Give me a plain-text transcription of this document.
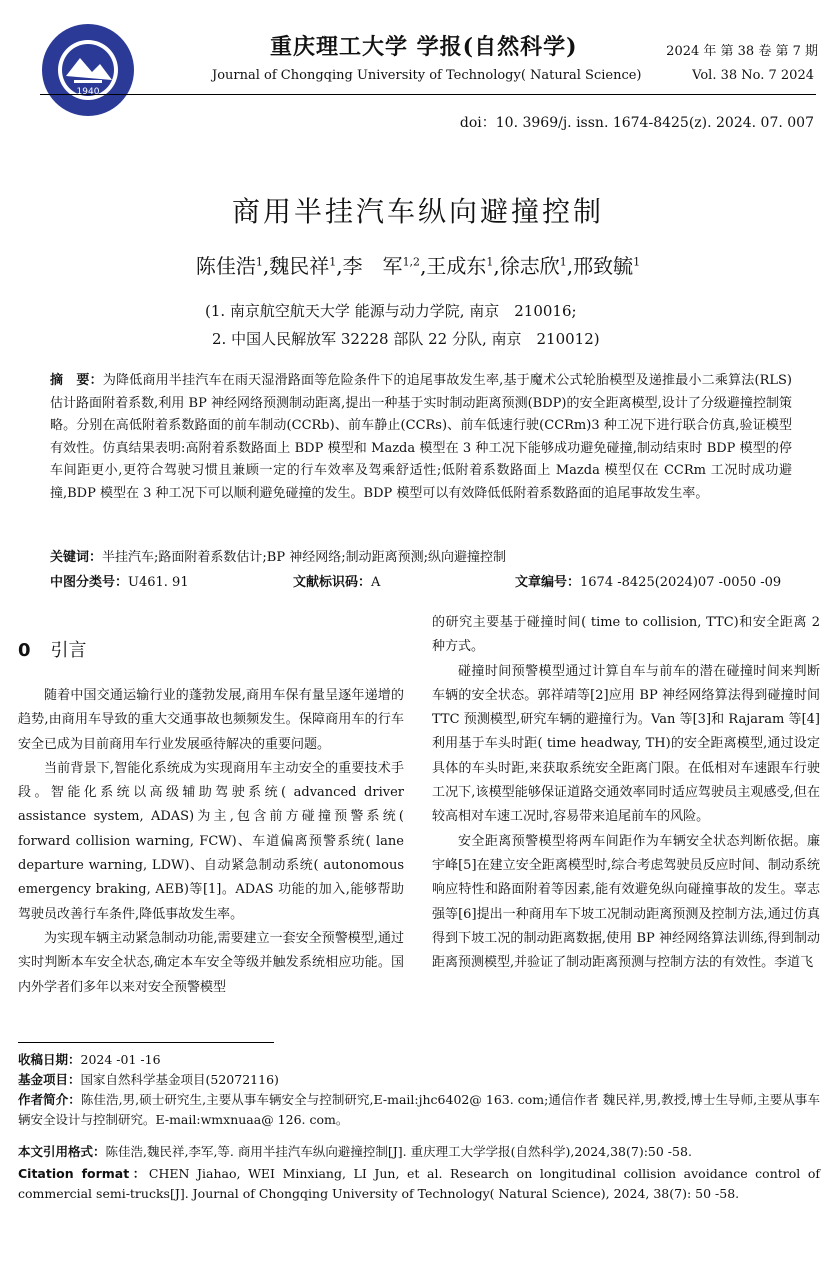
1940
重庆理工大学 学报(自然科学)
Journal of Chongqing University of Technology( Natural Science)
2024 年 第 38 卷 第 7 期
Vol. 38 No. 7 2024
doi：10. 3969/j. issn. 1674-8425(z). 2024. 07. 007
商用半挂汽车纵向避撞控制
陈佳浩$^1$,魏民祥$^1$,李　军$^{1,2}$,王成东$^1$,徐志欣$^1$,邢致毓$^1$
(1. 南京航空航天大学 能源与动力学院, 南京　210016;
2. 中国人民解放军 32228 部队 22 分队, 南京　210012)
摘　要：为降低商用半挂汽车在雨天湿滑路面等危险条件下的追尾事故发生率,基于魔术公式轮胎模型及递推最小二乘算法(RLS)估计路面附着系数,利用 BP 神经网络预测制动距离,提出一种基于实时制动距离预测(BDP)的安全距离模型,设计了分级避撞控制策略。分别在高低附着系数路面的前车制动(CCRb)、前车静止(CCRs)、前车低速行驶(CCRm)3 种工况下进行联合仿真,验证模型有效性。仿真结果表明:高附着系数路面上 BDP 模型和 Mazda 模型在 3 种工况下能够成功避免碰撞,制动结束时 BDP 模型的停车间距更小,更符合驾驶习惯且兼顾一定的行车效率及驾乘舒适性;低附着系数路面上 Mazda 模型仅在 CCRm 工况时成功避撞,BDP 模型在 3 种工况下可以顺利避免碰撞的发生。BDP 模型可以有效降低低附着系数路面的追尾事故发生率。
关键词：半挂汽车;路面附着系数估计;BP 神经网络;制动距离预测;纵向避撞控制
中图分类号：U461. 91	文献标识码：A	文章编号：1674 -8425(2024)07 -0050 -09
0 引言

随着中国交通运输行业的蓬勃发展,商用车保有量呈逐年递增的趋势,由商用车导致的重大交通事故也频频发生。保障商用车的行车安全已成为目前商用车行业发展亟待解决的重要问题。

当前背景下,智能化系统成为实现商用车主动安全的重要技术手段。智能化系统以高级辅助驾驶系统( advanced driver assistance system, ADAS)为主,包含前方碰撞预警系统( forward collision warning, FCW)、车道偏离预警系统( lane departure warning, LDW)、自动紧急制动系统( autonomous emergency braking, AEB)等[1]。ADAS 功能的加入,能够帮助驾驶员改善行车条件,降低事故发生率。

为实现车辆主动紧急制动功能,需要建立一套安全预警模型,通过实时判断本车安全状态,确定本车安全等级并触发系统相应功能。国内外学者们多年以来对安全预警模型

的研究主要基于碰撞时间( time to collision, TTC)和安全距离 2 种方式。

碰撞时间预警模型通过计算自车与前车的潜在碰撞时间来判断车辆的安全状态。郭祥靖等[2]应用 BP 神经网络算法得到碰撞时间 TTC 预测模型,研究车辆的避撞行为。Van 等[3]和 Rajaram 等[4]利用基于车头时距( time headway, TH)的安全距离模型,通过设定具体的车头时距,来获取系统安全距离门限。在低相对车速跟车行驶工况下,该模型能够保证道路交通效率同时适应驾驶员主观感受,但在较高相对车速工况时,容易带来追尾前车的风险。

安全距离预警模型将两车间距作为车辆安全状态判断依据。廉宇峰[5]在建立安全距离模型时,综合考虑驾驶员反应时间、制动系统响应特性和路面附着等因素,能有效避免纵向碰撞事故的发生。辜志强等[6]提出一种商用车下坡工况制动距离预测及控制方法,通过仿真得到下坡工况的制动距离数据,使用 BP 神经网络算法训练,得到制动距离预测模型,并验证了制动距离预测与控制方法的有效性。李道飞

收稿日期：2024 -01 -16
基金项目：国家自然科学基金项目(52072116)
作者简介：陈佳浩,男,硕士研究生,主要从事车辆安全与控制研究,E-mail:jhc6402@ 163. com;通信作者 魏民祥,男,教授,博士生导师,主要从事车辆安全设计与控制研究。E-mail:wmxnuaa@ 126. com。
本文引用格式：陈佳浩,魏民祥,李军,等. 商用半挂汽车纵向避撞控制[J]. 重庆理工大学学报(自然科学),2024,38(7):50 -58.
Citation format：CHEN Jiahao, WEI Minxiang, LI Jun, et al. Research on longitudinal collision avoidance control of commercial semi-trucks[J]. Journal of Chongqing University of Technology( Natural Science), 2024, 38(7): 50 -58.
